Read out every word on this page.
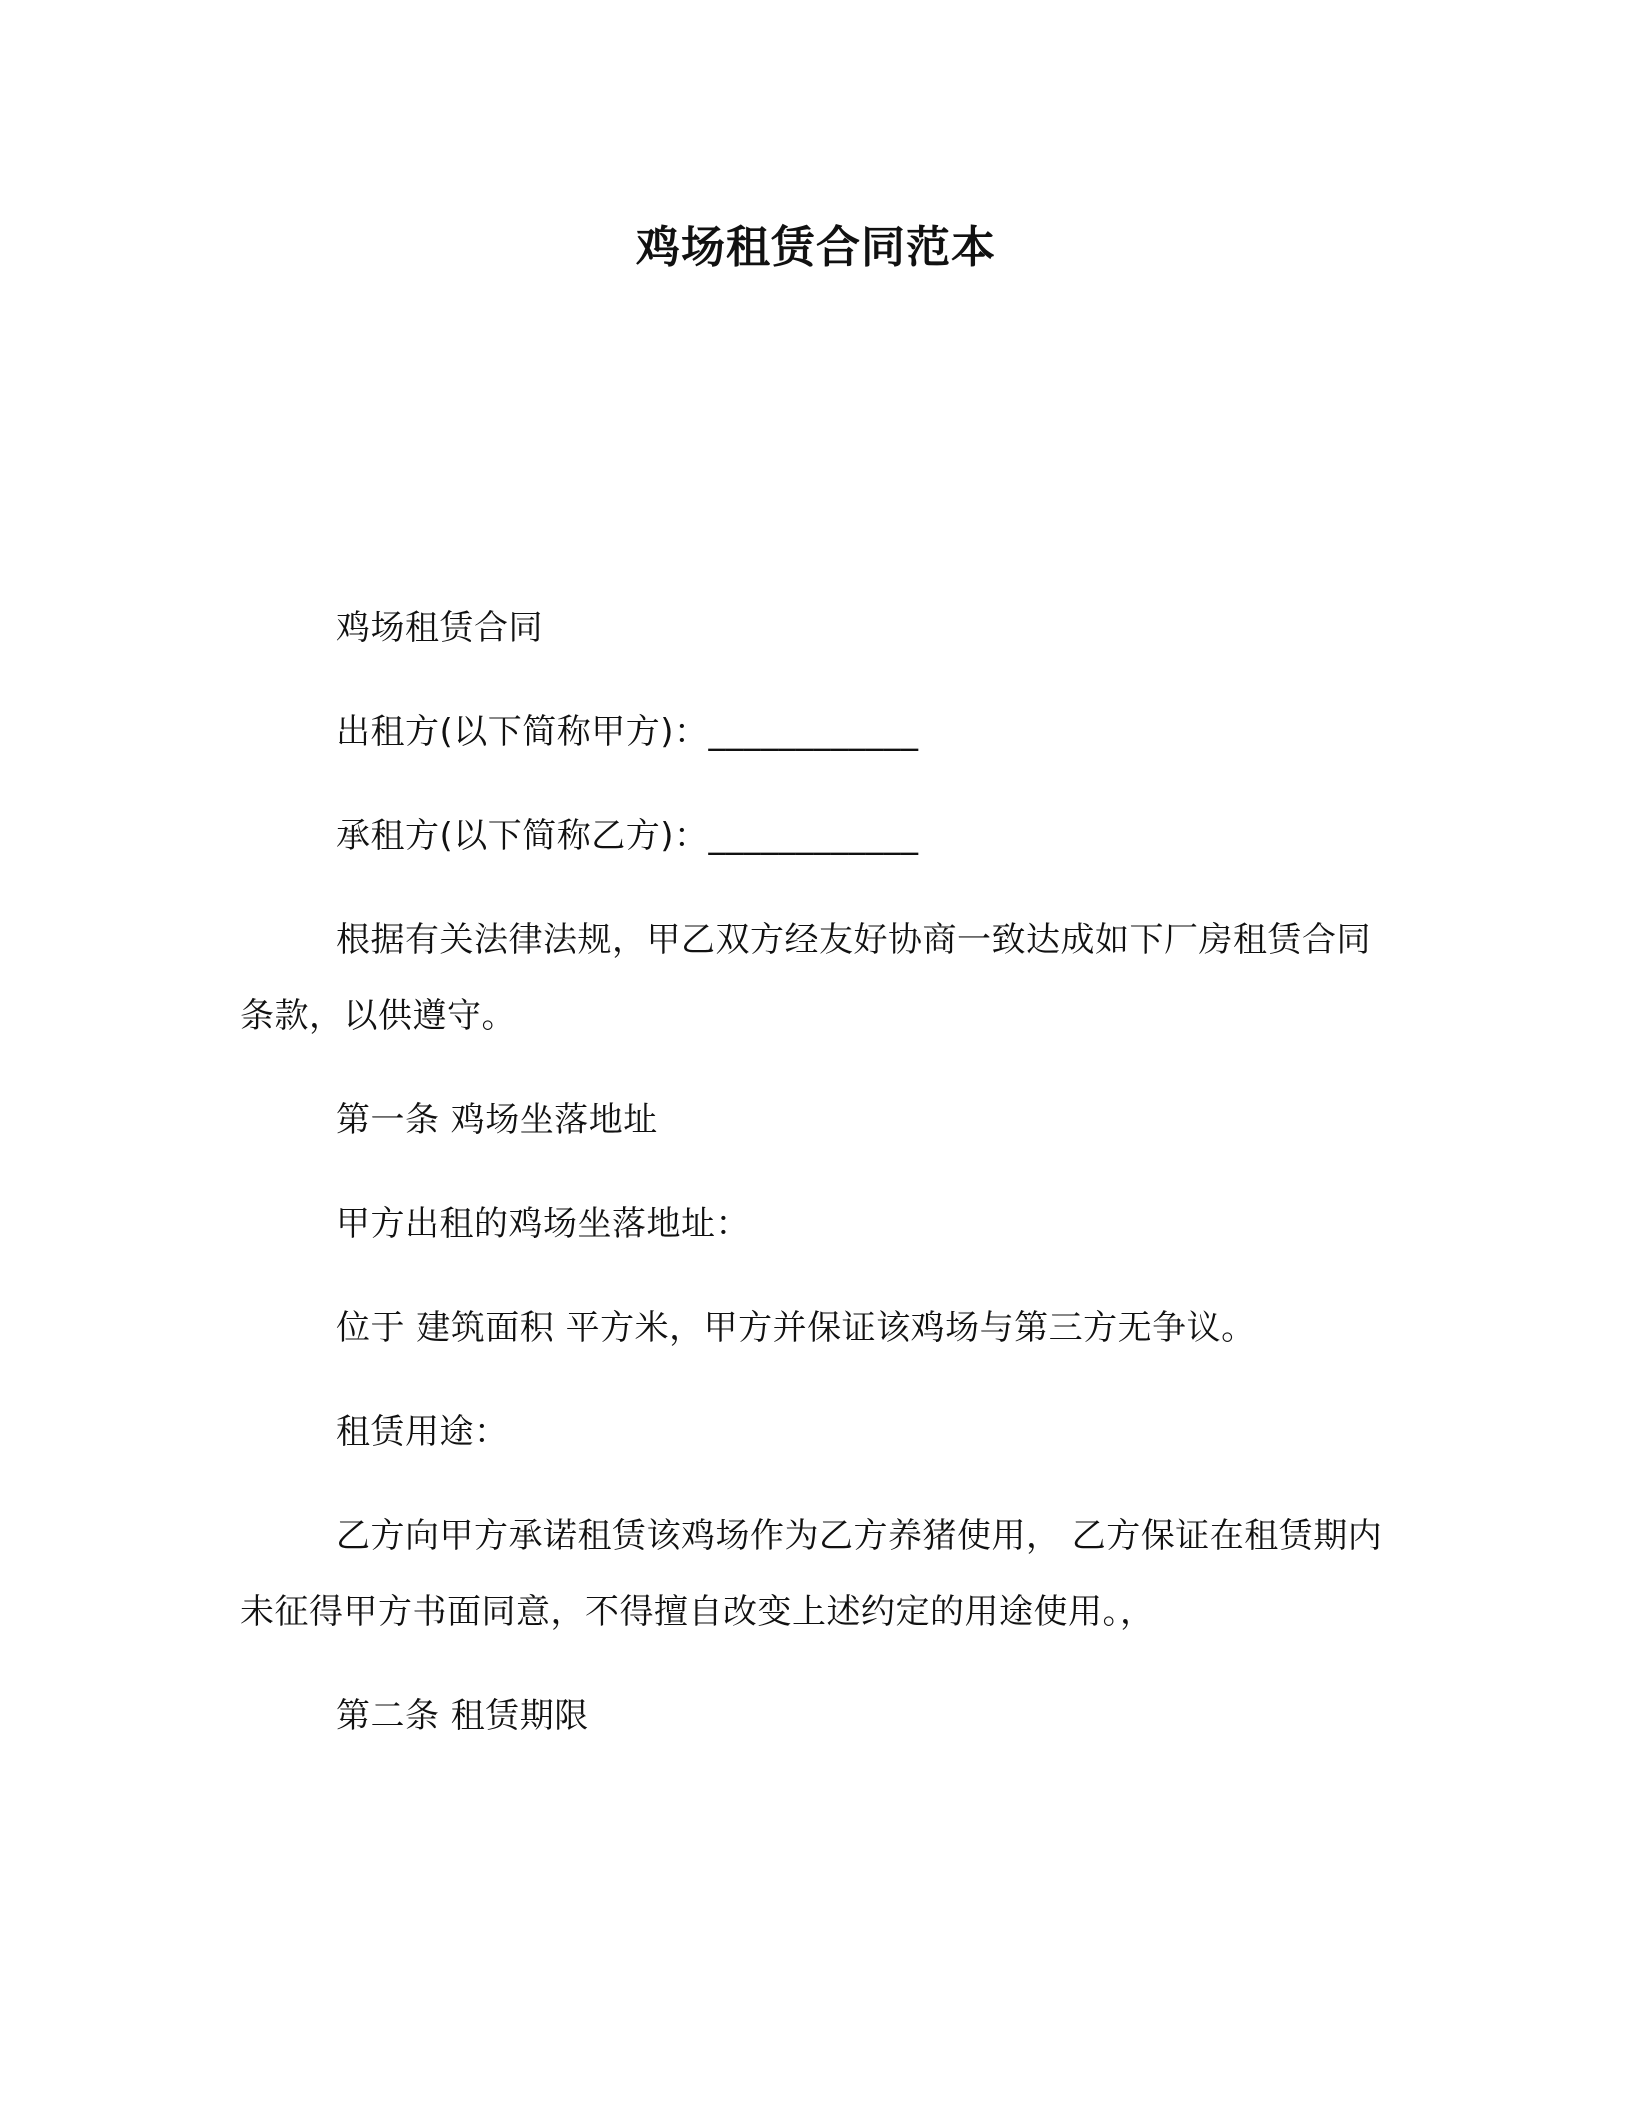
鸡场租赁合同范本

鸡场租赁合同

出租方(以下简称甲方)：____________

承租方(以下简称乙方)：____________

根据有关法律法规，甲乙双方经友好协商一致达成如下厂房租赁合同条款，以供遵守。

第一条 鸡场坐落地址

甲方出租的鸡场坐落地址：

位于 建筑面积 平方米，甲方并保证该鸡场与第三方无争议。

租赁用途：

乙方向甲方承诺租赁该鸡场作为乙方养猪使用， 乙方保证在租赁期内未征得甲方书面同意，不得擅自改变上述约定的用途使用。，

第二条 租赁期限
